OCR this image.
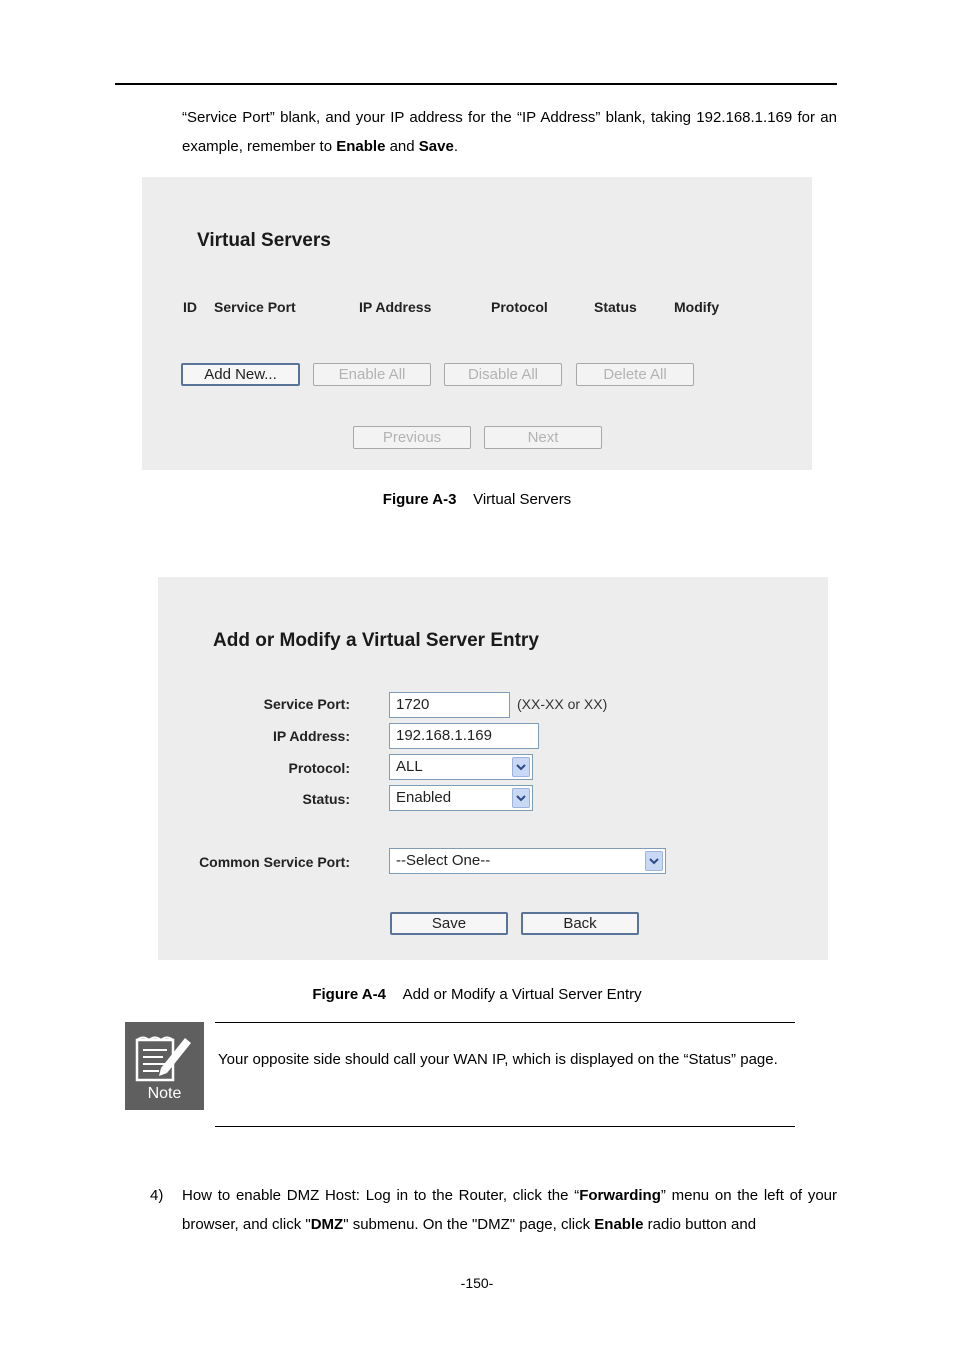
“Service Port” blank, and your IP address for the “IP Address” blank, taking 192.168.1.169 for an example, remember to Enable and Save.
Virtual Servers
ID Service Port	IP Address	Protocol	Status	Modify
Add New...	Enable All	Disable All	Delete All
Previous	Next
Figure A-3 Virtual Servers
Add or Modify a Virtual Server Entry
Service Port:	1720	(XX-XX or XX)
IP Address:	192.168.1.169
Protocol:	ALL
Status:	Enabled
Common Service Port:	--Select One--
Save	Back
Figure A-4 Add or Modify a Virtual Server Entry
Note
Your opposite side should call your WAN IP, which is displayed on the “Status” page.
4) How to enable DMZ Host: Log in to the Router, click the “Forwarding” menu on the left of your browser, and click "DMZ" submenu. On the "DMZ" page, click Enable radio button and
-150-
